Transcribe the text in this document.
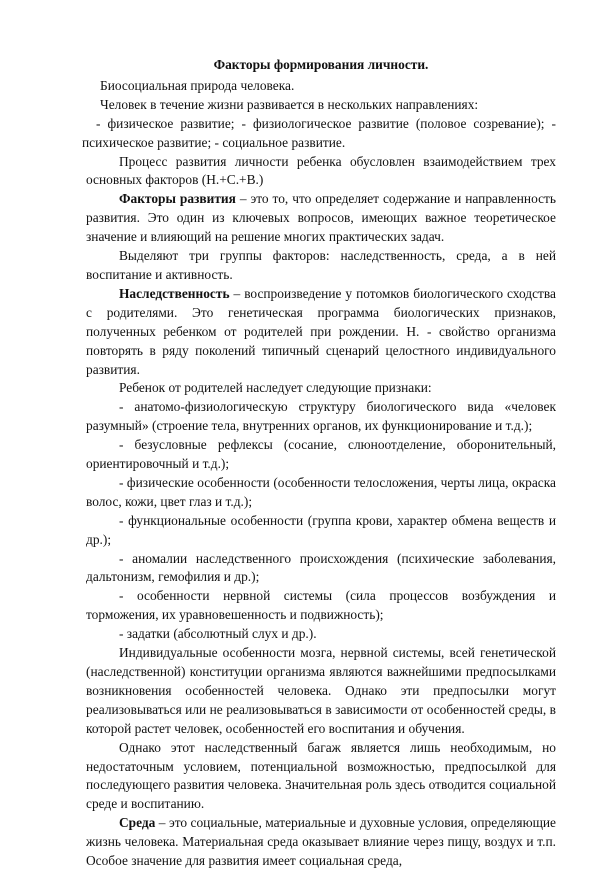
Факторы формирования личности.

Биосоциальная природа человека.

Человек в течение жизни развивается в нескольких направлениях:

- физическое развитие; - физиологическое развитие (половое созревание); - психическое развитие; - социальное развитие.

Процесс развития личности ребенка обусловлен взаимодействием трех основных факторов (Н.+С.+В.)

Факторы развития – это то, что определяет содержание и направленность развития. Это один из ключевых вопросов, имеющих важное теоретическое значение и влияющий на решение многих практических задач.

Выделяют три группы факторов: наследственность, среда, а в ней воспитание и активность.

Наследственность – воспроизведение у потомков биологического сходства с родителями. Это генетическая программа биологических признаков, полученных ребенком от родителей при рождении. Н. - свойство организма повторять в ряду поколений типичный сценарий целостного индивидуального развития.

Ребенок от родителей наследует следующие признаки:

- анатомо-физиологическую структуру биологического вида «человек разумный» (строение тела, внутренних органов, их функционирование и т.д.);

- безусловные рефлексы (сосание, слюноотделение, оборонительный, ориентировочный и т.д.);

- физические особенности (особенности телосложения, черты лица, окраска волос, кожи, цвет глаз и т.д.);

- функциональные особенности (группа крови, характер обмена веществ и др.);

- аномалии наследственного происхождения (психические заболевания, дальтонизм, гемофилия и др.);

- особенности нервной системы (сила процессов возбуждения и торможения, их уравновешенность и подвижность);

- задатки (абсолютный слух и др.).

Индивидуальные особенности мозга, нервной системы, всей генетической (наследственной) конституции организма являются важнейшими предпосылками возникновения особенностей человека. Однако эти предпосылки могут реализовываться или не реализовываться в зависимости от особенностей среды, в которой растет человек, особенностей его воспитания и обучения.

Однако этот наследственный багаж является лишь необходимым, но недостаточным условием, потенциальной возможностью, предпосылкой для последующего развития человека. Значительная роль здесь отводится социальной среде и воспитанию.

Среда – это социальные, материальные и духовные условия, определяющие жизнь человека. Материальная среда оказывает влияние через пищу, воздух и т.п. Особое значение для развития имеет социальная среда,
